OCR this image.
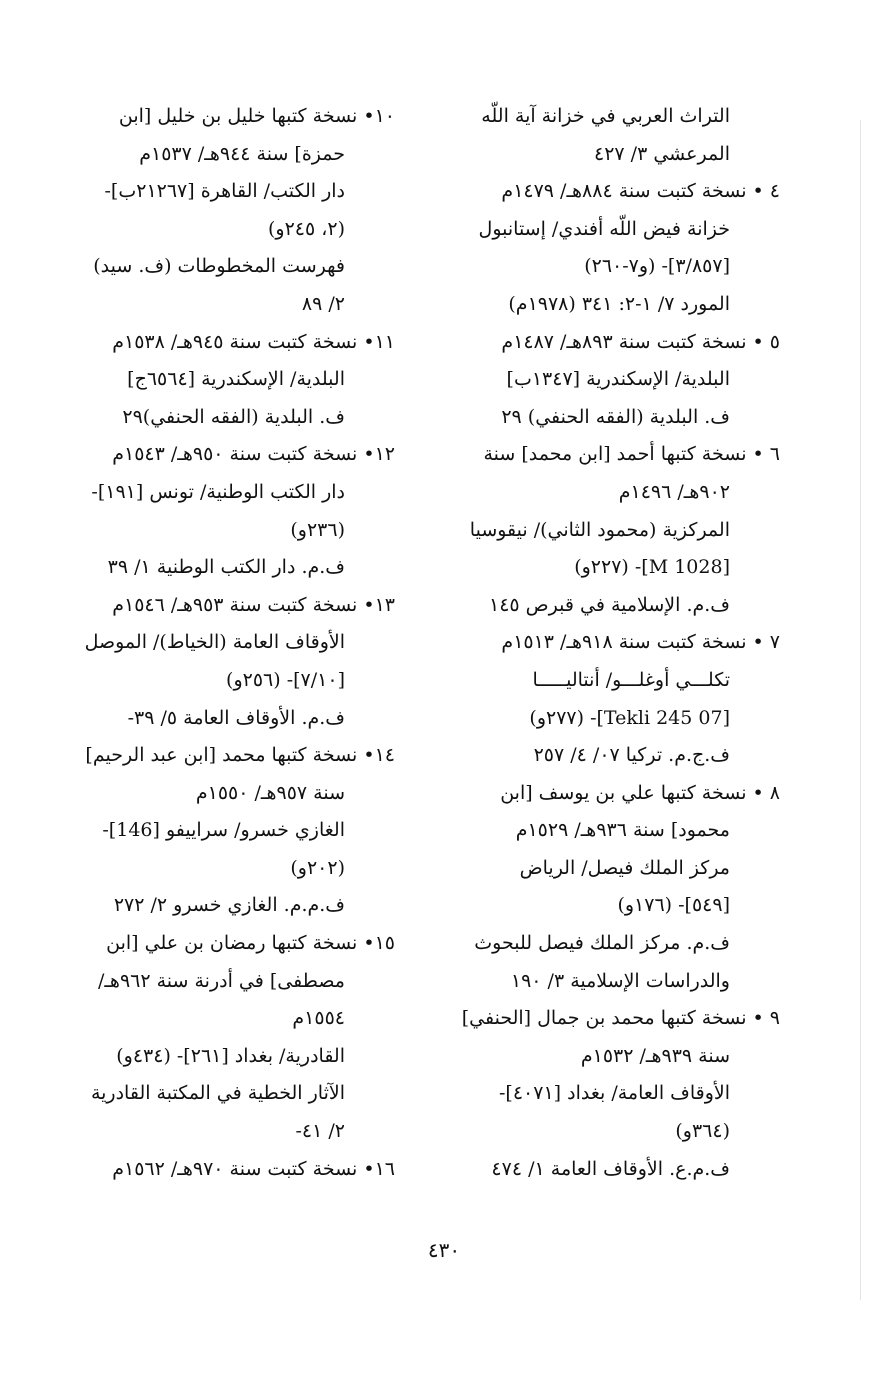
التراث العربي في خزانة آية اللّه
المرعشي ٣/ ٤٢٧
٤ • نسخة كتبت سنة ٨٨٤هـ/ ١٤٧٩م
خزانة فيض اللّه أفندي/ إستانبول
[٣/٨٥٧]- (و٧-٢٦٠)
المورد ٧/ ١-٢: ٣٤١ (١٩٧٨م)
٥ • نسخة كتبت سنة ٨٩٣هـ/ ١٤٨٧م
البلدية/ الإسكندرية [١٣٤٧ب]
ف. البلدية (الفقه الحنفي) ٢٩
٦ • نسخة كتبها أحمد [ابن محمد] سنة
٩٠٢هـ/ ١٤٩٦م
المركزية (محمود الثاني)/ نيقوسيا
[M 1028]- (٢٢٧و)
ف.م. الإسلامية في قبرص ١٤٥
٧ • نسخة كتبت سنة ٩١٨هـ/ ١٥١٣م
تكلـــي أوغلـــو/ أنتاليـــــا
[07 Tekli 245]- (٢٧٧و)
ف.ج.م. تركيا ٠٧/ ٤/ ٢٥٧
٨ • نسخة كتبها علي بن يوسف [ابن
محمود] سنة ٩٣٦هـ/ ١٥٢٩م
مركز الملك فيصل/ الرياض
[٥٤٩]- (١٧٦و)
ف.م. مركز الملك فيصل للبحوث
والدراسات الإسلامية ٣/ ١٩٠
٩ • نسخة كتبها محمد بن جمال [الحنفي]
سنة ٩٣٩هـ/ ١٥٣٢م
الأوقاف العامة/ بغداد [٤٠٧١]-
(٣٦٤و)
ف.م.ع. الأوقاف العامة ١/ ٤٧٤
١٠• نسخة كتبها خليل بن خليل [ابن
حمزة] سنة ٩٤٤هـ/ ١٥٣٧م
دار الكتب/ القاهرة [٢١٢٦٧ب]-
(٢، ٢٤٥و)
فهرست المخطوطات (ف. سيد)
٢/ ٨٩
١١• نسخة كتبت سنة ٩٤٥هـ/ ١٥٣٨م
البلدية/ الإسكندرية [٦٥٦٤ج]
ف. البلدية (الفقه الحنفي)٢٩
١٢• نسخة كتبت سنة ٩٥٠هـ/ ١٥٤٣م
دار الكتب الوطنية/ تونس [١٩١]-
(٢٣٦و)
ف.م. دار الكتب الوطنية ١/ ٣٩
١٣• نسخة كتبت سنة ٩٥٣هـ/ ١٥٤٦م
الأوقاف العامة (الخياط)/ الموصل
[٧/١٠]- (٢٥٦و)
ف.م. الأوقاف العامة ٥/ ٣٩-
١٤• نسخة كتبها محمد [ابن عبد الرحيم]
سنة ٩٥٧هـ/ ١٥٥٠م
الغازي خسرو/ سراييفو [146]-
(٢٠٢و)
ف.م.م. الغازي خسرو ٢/ ٢٧٢
١٥• نسخة كتبها رمضان بن علي [ابن
مصطفى] في أدرنة سنة ٩٦٢هـ/
١٥٥٤م
القادرية/ بغداد [٢٦١]- (٤٣٤و)
الآثار الخطية في المكتبة القادرية
٢/ ٤١-
١٦• نسخة كتبت سنة ٩٧٠هـ/ ١٥٦٢م
٤٣٠
